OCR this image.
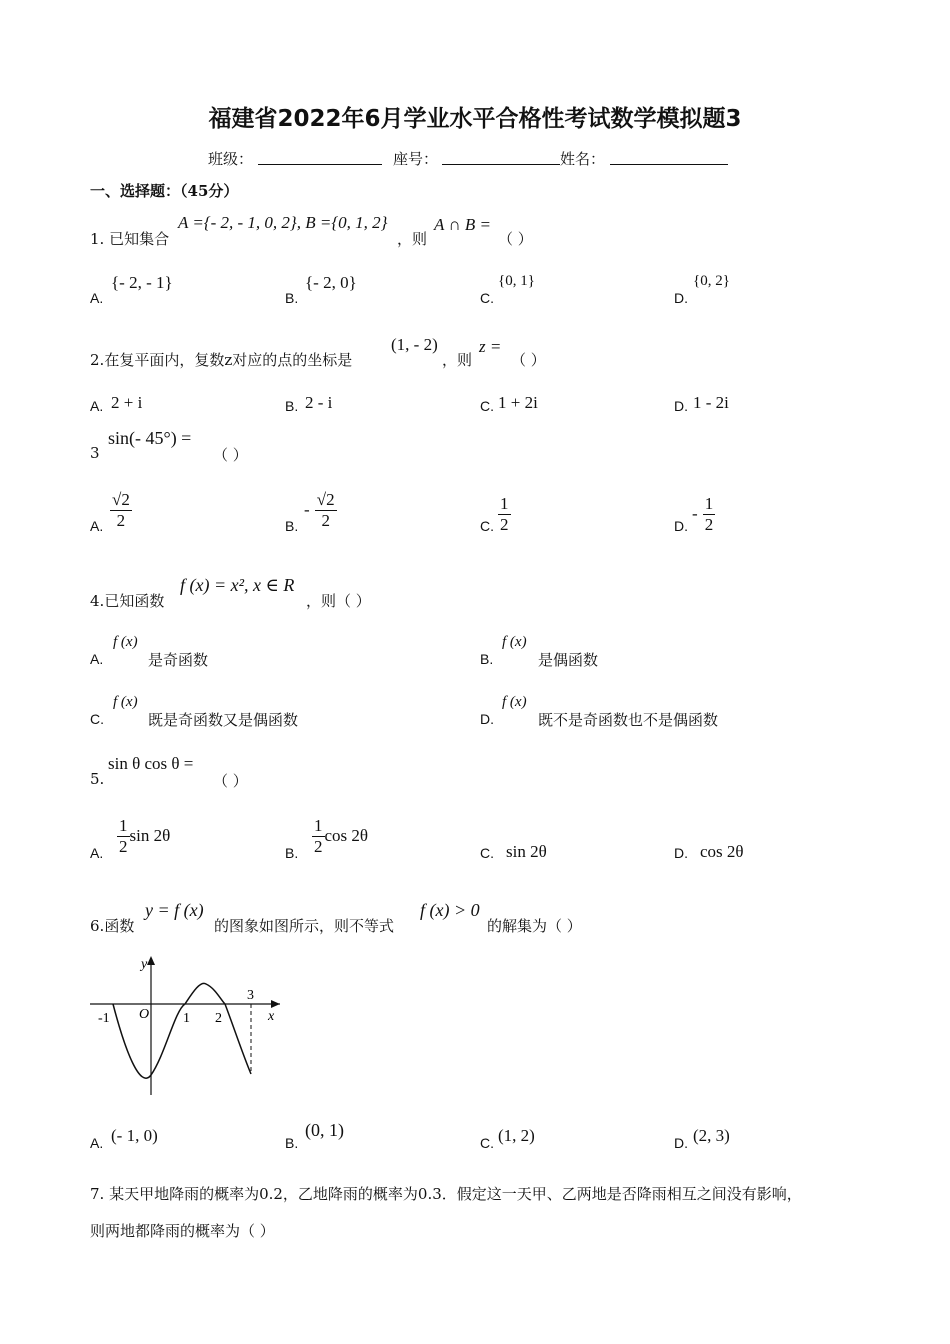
福建省2022年6月学业水平合格性考试数学模拟题3
班级：	座号：	姓名：
一、选择题：（45分）
1. 已知集合
A ={- 2, - 1, 0, 2}, B ={0, 1, 2}
，则
A ∩ B =
（ ）
A.
{- 2, - 1}
B.
{- 2, 0}
C.
{0, 1}
D.
{0, 2}
2.在复平面内，复数z对应的点的坐标是
(1, - 2)
，则
z =
（ ）
A. 2 + i	B. 2 - i	C. 1 + 2i	D. 1 - 2i
3
sin(- 45°) =
（ ）
A. $\frac{√2}{2}$	B.
- $\frac{√2}{2}$	C. $\frac{1}{2}$	D.
- $\frac{1}{2}$
4.已知函数
f (x) = x², x ∈ R
，则（ ）
A.
f (x)
是奇函数	B.
f (x)
是偶函数
C.
f (x)
既是奇函数又是偶函数	D.
f (x)
既不是奇函数也不是偶函数
5.
sin θ cos θ =
（ ）
A. $\frac{1}{2}$ sin 2θ
B. $\frac{1}{2}$ cos 2θ
C. sin 2θ	D. cos 2θ
6.函数
y = f (x)
的图象如图所示，则不等式
f (x) > 0
的解集为（ ）
y
x
O
-1	1 2
3
A. (- 1, 0)	B.
(0, 1)
C. (1, 2)	D. (2, 3)
7. 某天甲地降雨的概率为0.2，乙地降雨的概率为0.3．假定这一天甲、乙两地是否降雨相互之间没有影响，
则两地都降雨的概率为（ ）
